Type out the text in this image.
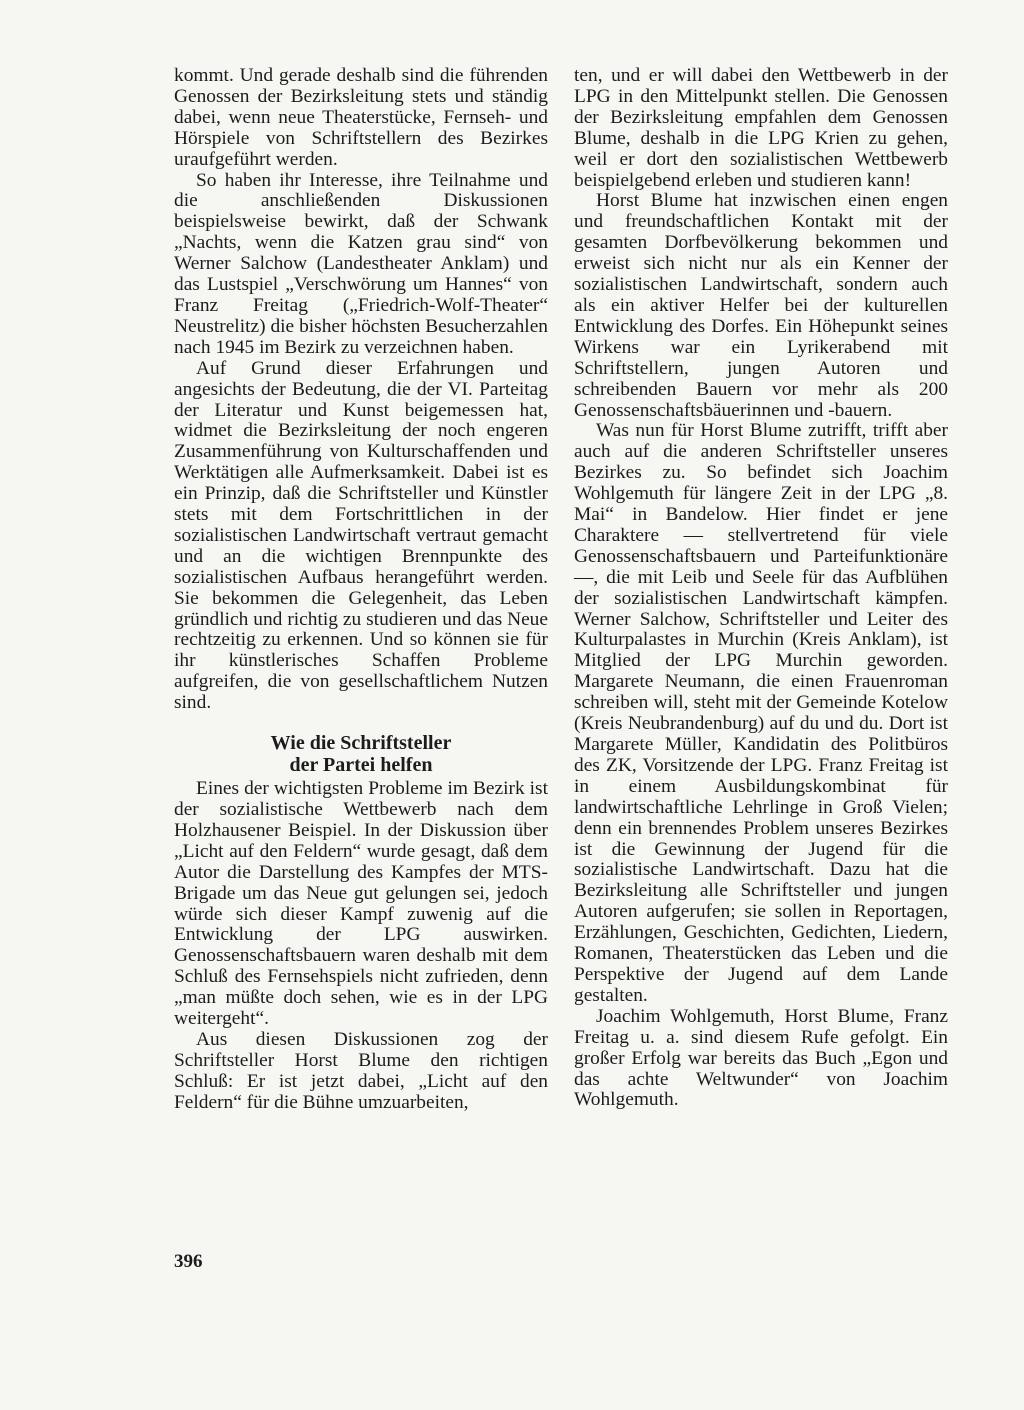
kommt. Und gerade deshalb sind die führenden Genossen der Bezirksleitung stets und ständig dabei, wenn neue Theaterstücke, Fernseh- und Hörspiele von Schriftstellern des Bezirkes uraufgeführt werden.

So haben ihr Interesse, ihre Teilnahme und die anschließenden Diskussionen beispielsweise bewirkt, daß der Schwank „Nachts, wenn die Katzen grau sind“ von Werner Salchow (Landestheater Anklam) und das Lustspiel „Verschwörung um Hannes“ von Franz Freitag („Friedrich-Wolf-Theater“ Neustrelitz) die bisher höchsten Besucherzahlen nach 1945 im Bezirk zu verzeichnen haben.

Auf Grund dieser Erfahrungen und angesichts der Bedeutung, die der VI. Parteitag der Literatur und Kunst beigemessen hat, widmet die Bezirksleitung der noch engeren Zusammenführung von Kulturschaffenden und Werktätigen alle Aufmerksamkeit. Dabei ist es ein Prinzip, daß die Schriftsteller und Künstler stets mit dem Fortschrittlichen in der sozialistischen Landwirtschaft vertraut gemacht und an die wichtigen Brennpunkte des sozialistischen Aufbaus herangeführt werden. Sie bekommen die Gelegenheit, das Leben gründlich und richtig zu studieren und das Neue rechtzeitig zu erkennen. Und so können sie für ihr künstlerisches Schaffen Probleme aufgreifen, die von gesellschaftlichem Nutzen sind.

Wie die Schriftsteller
der Partei helfen

Eines der wichtigsten Probleme im Bezirk ist der sozialistische Wettbewerb nach dem Holzhausener Beispiel. In der Diskussion über „Licht auf den Feldern“ wurde gesagt, daß dem Autor die Darstellung des Kampfes der MTS-Brigade um das Neue gut gelungen sei, jedoch würde sich dieser Kampf zuwenig auf die Entwicklung der LPG auswirken. Genossenschaftsbauern waren deshalb mit dem Schluß des Fernsehspiels nicht zufrieden, denn „man müßte doch sehen, wie es in der LPG weitergeht“.

Aus diesen Diskussionen zog der Schriftsteller Horst Blume den richtigen Schluß: Er ist jetzt dabei, „Licht auf den Feldern“ für die Bühne umzuarbeiten,

ten, und er will dabei den Wettbewerb in der LPG in den Mittelpunkt stellen. Die Genossen der Bezirksleitung empfahlen dem Genossen Blume, deshalb in die LPG Krien zu gehen, weil er dort den sozialistischen Wettbewerb beispielgebend erleben und studieren kann!

Horst Blume hat inzwischen einen engen und freundschaftlichen Kontakt mit der gesamten Dorfbevölkerung bekommen und erweist sich nicht nur als ein Kenner der sozialistischen Landwirtschaft, sondern auch als ein aktiver Helfer bei der kulturellen Entwicklung des Dorfes. Ein Höhepunkt seines Wirkens war ein Lyrikerabend mit Schriftstellern, jungen Autoren und schreibenden Bauern vor mehr als 200 Genossenschaftsbäuerinnen und -bauern.

Was nun für Horst Blume zutrifft, trifft aber auch auf die anderen Schriftsteller unseres Bezirkes zu. So befindet sich Joachim Wohlgemuth für längere Zeit in der LPG „8. Mai“ in Bandelow. Hier findet er jene Charaktere — stellvertretend für viele Genossenschaftsbauern und Parteifunktionäre —, die mit Leib und Seele für das Aufblühen der sozialistischen Landwirtschaft kämpfen. Werner Salchow, Schriftsteller und Leiter des Kulturpalastes in Murchin (Kreis Anklam), ist Mitglied der LPG Murchin geworden. Margarete Neumann, die einen Frauenroman schreiben will, steht mit der Gemeinde Kotelow (Kreis Neubrandenburg) auf du und du. Dort ist Margarete Müller, Kandidatin des Politbüros des ZK, Vorsitzende der LPG. Franz Freitag ist in einem Ausbildungskombinat für landwirtschaftliche Lehrlinge in Groß Vielen; denn ein brennendes Problem unseres Bezirkes ist die Gewinnung der Jugend für die sozialistische Landwirtschaft. Dazu hat die Bezirksleitung alle Schriftsteller und jungen Autoren aufgerufen; sie sollen in Reportagen, Erzählungen, Geschichten, Gedichten, Liedern, Romanen, Theaterstücken das Leben und die Perspektive der Jugend auf dem Lande gestalten.

Joachim Wohlgemuth, Horst Blume, Franz Freitag u. a. sind diesem Rufe gefolgt. Ein großer Erfolg war bereits das Buch „Egon und das achte Weltwunder“ von Joachim Wohlgemuth.

396
